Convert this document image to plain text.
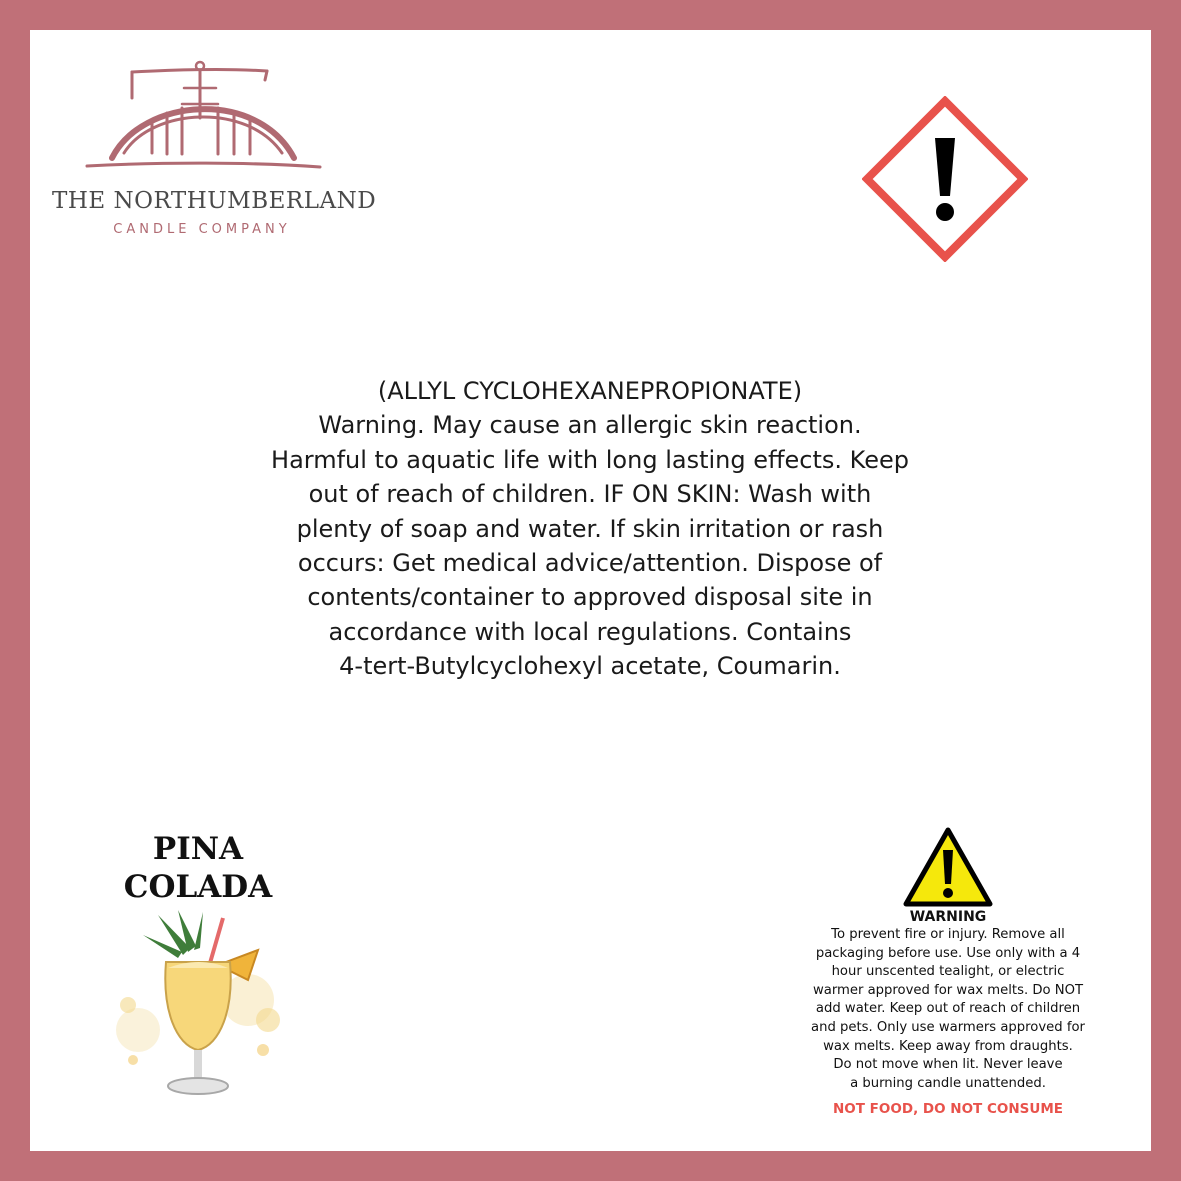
THE NORTHUMBERLAND
CANDLE COMPANY
(ALLYL CYCLOHEXANEPROPIONATE)
Warning. May cause an allergic skin reaction.
Harmful to aquatic life with long lasting effects. Keep
out of reach of children. IF ON SKIN: Wash with
plenty of soap and water. If skin irritation or rash
occurs: Get medical advice/attention. Dispose of
contents/container to approved disposal site in
accordance with local regulations. Contains
4-tert-Butylcyclohexyl acetate, Coumarin.
PINA
COLADA
WARNING
To prevent fire or injury. Remove all
packaging before use. Use only with a 4
hour unscented tealight, or electric
warmer approved for wax melts. Do NOT
add water. Keep out of reach of children
and pets. Only use warmers approved for
wax melts. Keep away from draughts.
Do not move when lit. Never leave
a burning candle unattended.
NOT FOOD, DO NOT CONSUME
